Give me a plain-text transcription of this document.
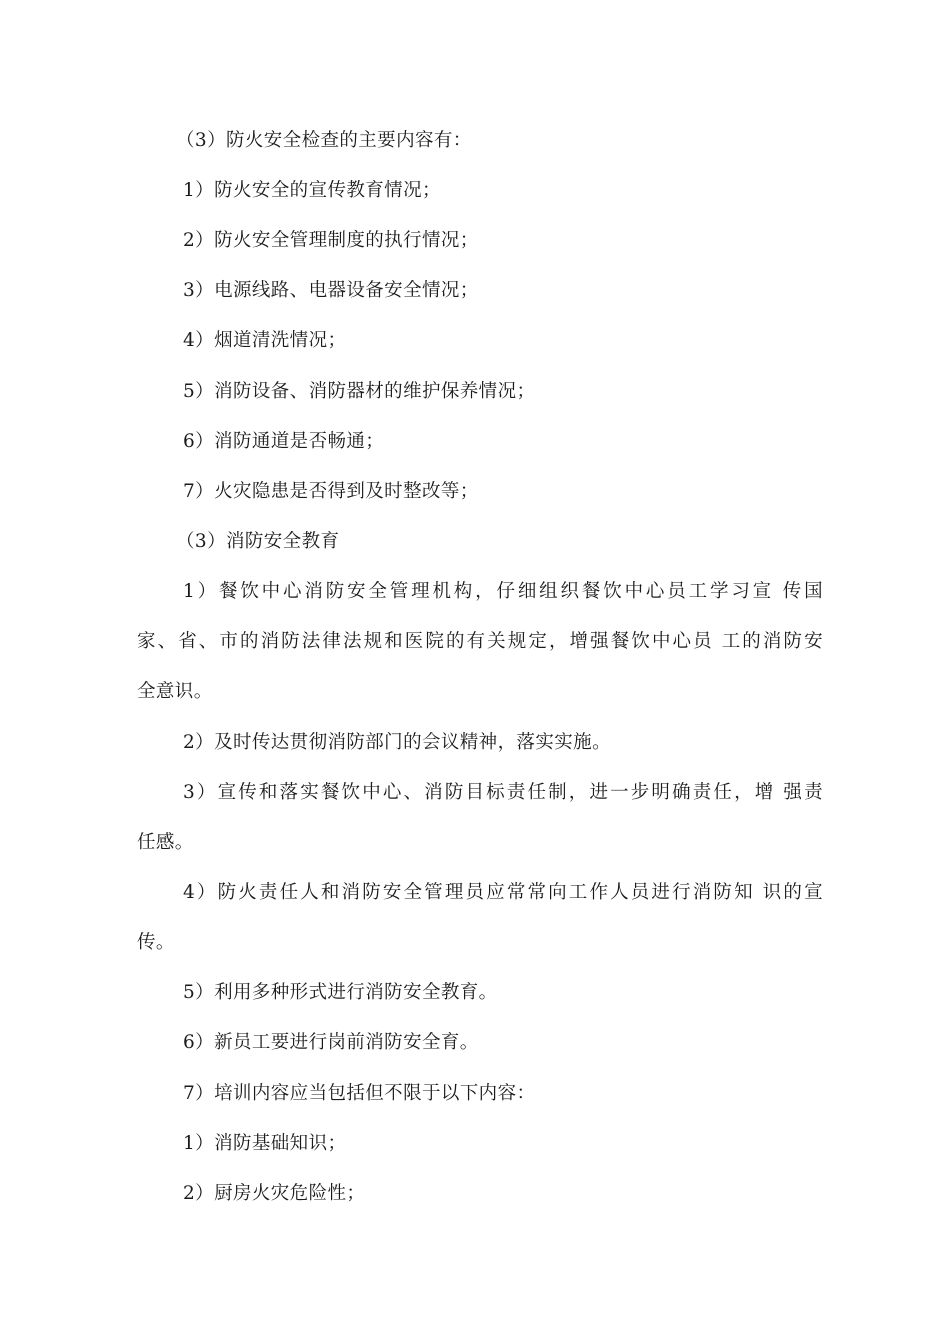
（3）防火安全检查的主要内容有：
1）防火安全的宣传教育情况；
2）防火安全管理制度的执行情况；
3）电源线路、电器设备安全情况；
4）烟道清洗情况；
5）消防设备、消防器材的维护保养情况；
6）消防通道是否畅通；
7）火灾隐患是否得到及时整改等；
（3）消防安全教育
1）餐饮中心消防安全管理机构，仔细组织餐饮中心员工学习宣 传国
家、省、市的消防法律法规和医院的有关规定，增强餐饮中心员 工的消防安
全意识。
2）及时传达贯彻消防部门的会议精神，落实实施。
3）宣传和落实餐饮中心、消防目标责任制，进一步明确责任，增 强责
任感。
4）防火责任人和消防安全管理员应常常向工作人员进行消防知 识的宣
传。
5）利用多种形式进行消防安全教育。
6）新员工要进行岗前消防安全育。
7）培训内容应当包括但不限于以下内容：
1）消防基础知识；
2）厨房火灾危险性；
